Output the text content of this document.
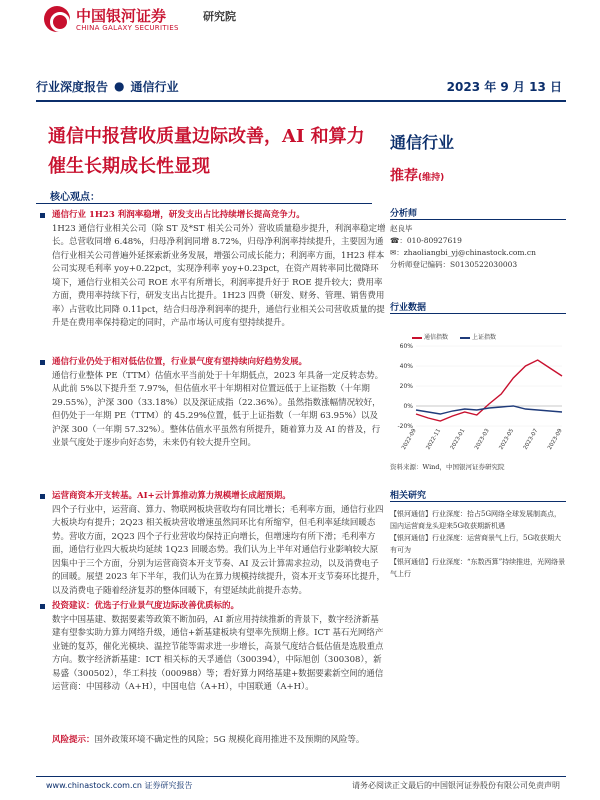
中国银河证券
CHINA GALAXY SECURITIES
研究院
行业深度报告 ● 通信行业	2023 年 9 月 13 日
通信中报营收质量边际改善，AI 和算力催生长期成长性显现
通信行业
推荐(维持)
核心观点：

通信行业 1H23 利润率稳增，研发支出占比持续增长提高竞争力。

1H23 通信行业相关公司（除 ST 及*ST 相关公司外）营收质量稳步提升，利润率稳定增长。总营收同增 6.48%，归母净利润同增 8.72%，归母净利润率持续提升，主要因为通信行业相关公司普遍外延探索新业务发展，增强公司成长能力；利润率方面，1H23 样本公司实现毛利率 yoy+0.22pct，实现净利率 yoy+0.23pct，在资产周转率同比微降环境下，通信行业相关公司 ROE 水平有所增长，利润率提升好于 ROE 提升较大；费用率方面，费用率持续下行，研发支出占比提升。1H23 四费（研发、财务、管理、销售费用率）占营收比同降 0.11pct，结合归母净利润率的提升，通信行业相关公司营收质量的提升是在费用率保持稳定的同时，产品市场认可度有望持续提升。

通信行业仍处于相对低估位置，行业景气度有望持续向好趋势发展。

通信行业整体 PE（TTM）估值水平当前处于十年期低点，2023 年具备一定反转态势。从此前 5%以下提升至 7.97%，但估值水平十年期相对位置远低于上证指数（十年期 29.55%），沪深 300（33.18%）以及深证成指（22.36%）。虽然指数涨幅情况较好，但仍处于一年期 PE（TTM）的 45.29%位置，低于上证指数（一年期 63.95%）以及沪深 300（一年期 57.32%）。整体估值水平虽然有所提升，随着算力及 AI 的普及，行业景气度处于逐步向好态势，未来仍有较大提升空间。

运营商资本开支转基。AI+云计算推动算力规模增长成超预期。

四个子行业中，运营商、算力、物联网板块营收均有同比增长；毛利率方面，通信行业四大板块均有提升；2Q23 相关板块营收增速虽然同环比有所缩窄，但毛利率延续回暖态势。营收方面，2Q23 四个子行业营收均保持正向增长，但增速均有所下滑；毛利率方面，通信行业四大板块均延续 1Q23 回暖态势。我们认为上半年对通信行业影响较大原因集中于三个方面，分别为运营商资本开支节奏、AI 及云计算需求拉动，以及消费电子的回暖。展望 2023 年下半年，我们认为在算力规模持续提升，资本开支节奏环比提升，以及消费电子随着经济复苏的整体回暖下，有望延续此前提升态势。

投资建议：优选子行业景气度边际改善优质标的。

数字中国基建、数据要素等政策不断加码，AI 新应用持续推新的背景下，数字经济新基建有望参实助力算力网络升级，通信+新基建板块有望率先预期上修。ICT 基石光网络产业链的复苏，催化光模块、温控节能等需求进一步增长，高景气度结合低估值是选股重点方向。数字经济新基建：ICT 相关标的天孚通信（300394），中际旭创（300308），新易盛（300502），华工科技（000988）等；看好算力网络基建+数据要素新空间的通信运营商：中国移动（A+H），中国电信（A+H），中国联通（A+H）。

风险提示：国外政策环境不确定性的风险；5G 规模化商用推进不及预期的风险等。

分析师
赵良毕
☎：010-80927619
✉：zhaoliangbi_yj@chinastock.com.cn
分析师登记编码：S0130522030003
行业数据
通信指数	上证指数
60%
40%
20%
0%
-20%
2022-09 2022-11 2023-01 2023-03 2023-05 2023-07 2023-09
资料来源：Wind，中国银河证券研究院
相关研究

【银河通信】行业深度：拾占5G网络全球发展制高点，国内运营商龙头迎来5G收获期新机遇

【银河通信】行业深度：运营商景气上行，5G收获期大有可为

【银河通信】行业深度：“东数西算”持续推进，光网络景气上行

www.chinastock.com.cn 证券研究报告	请务必阅读正文最后的中国银河证券股份有限公司免责声明
